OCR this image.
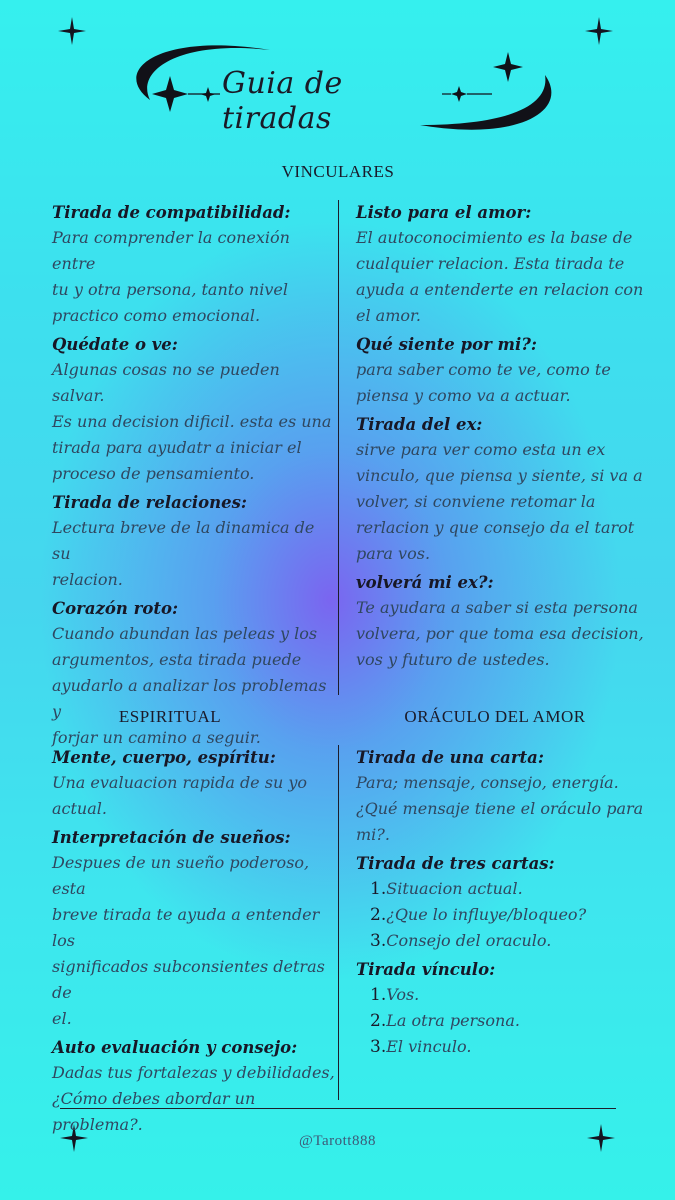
Guia de tiradas
VINCULARES
ESPIRITUAL	ORÁCULO DEL AMOR
Tirada de compatibilidad:
Para comprender la conexión entre
tu y otra persona, tanto nivel
practico como emocional.
Quédate o ve:
Algunas cosas no se pueden salvar.
Es una decision dificil. esta es una
tirada para ayudatr a iniciar el
proceso de pensamiento.
Tirada de relaciones:
Lectura breve de la dinamica de su
relacion.
Corazón roto:
Cuando abundan las peleas y los
argumentos, esta tirada puede
ayudarlo a analizar los problemas y
forjar un camino a seguir.
Listo para el amor:
El autoconocimiento es la base de
cualquier relacion. Esta tirada te
ayuda a entenderte en relacion con
el amor.
Qué siente por mi?:
para saber como te ve, como te
piensa y como va a actuar.
Tirada del ex:
sirve para ver como esta un ex
vinculo, que piensa y siente, si va a
volver, si conviene retomar la
rerlacion y que consejo da el tarot
para vos.
volverá mi ex?:
Te ayudara a saber si esta persona
volvera, por que toma esa decision,
vos y futuro de ustedes.
Mente, cuerpo, espíritu:
Una evaluacion rapida de su yo
actual.
Interpretación de sueños:
Despues de un sueño poderoso, esta
breve tirada te ayuda a entender los
significados subconsientes detras de
el.
Auto evaluación y consejo:
Dadas tus fortalezas y debilidades,
¿Cómo debes abordar un problema?.
Tirada de una carta:
Para; mensaje, consejo, energía.
¿Qué mensaje tiene el oráculo para
mi?.
Tirada de tres cartas:
1.Situacion actual.
2.¿Que lo influye/bloqueo?
3.Consejo del oraculo.
Tirada vínculo:
1.Vos.
2.La otra persona.
3.El vinculo.
@Tarott888
